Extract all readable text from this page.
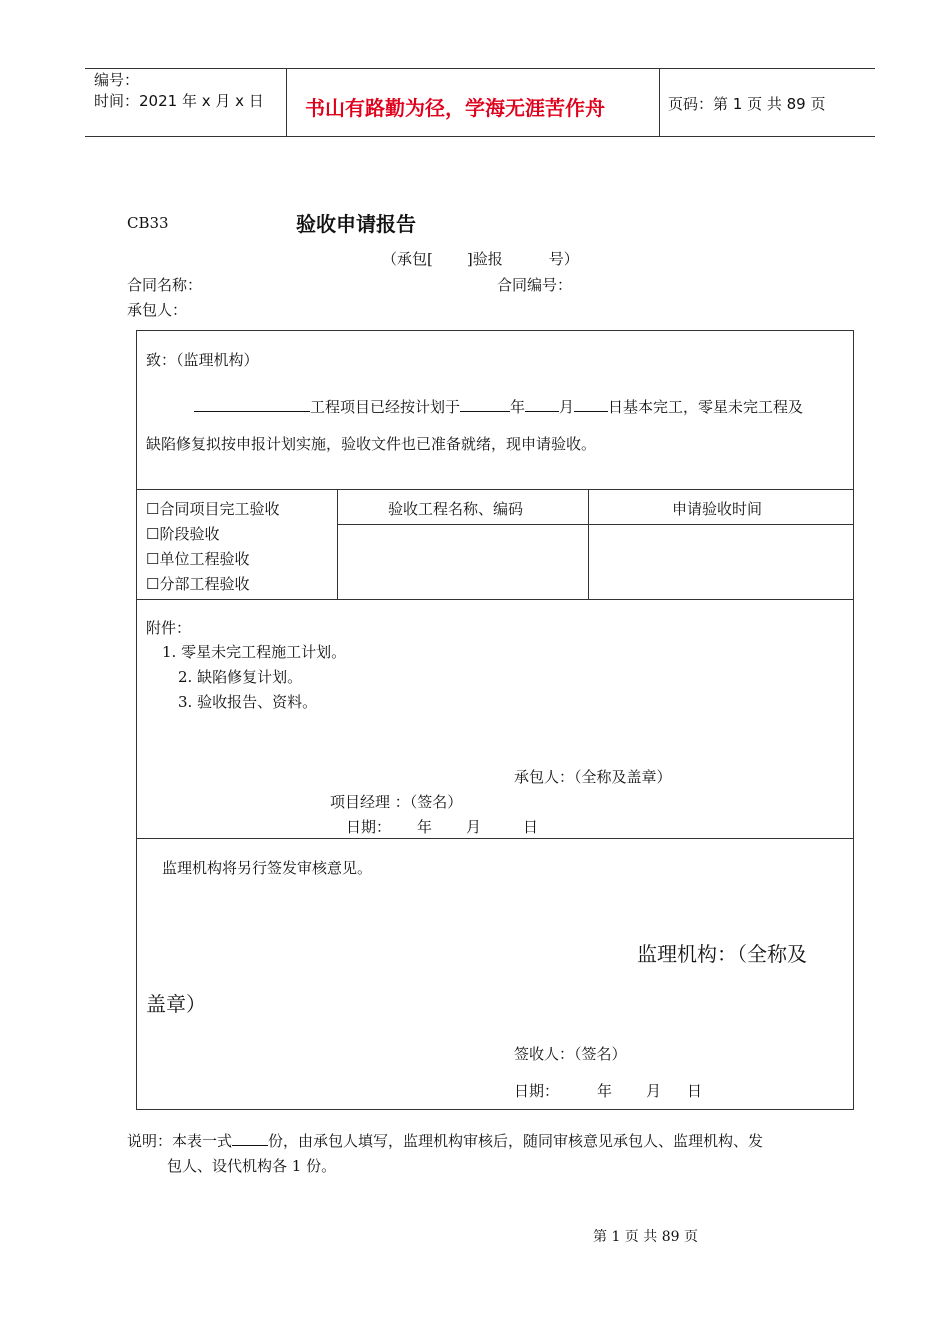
编号：
时间：2021 年 x 月 x 日 书山有路勤为径，学海无涯苦作舟	页码：第 1 页 共 89 页
CB33	验收申请报告
（承包[ ]验报	号）
合同名称：	合同编号：
承包人：
致：（监理机构）
工程项目已经按计划于	年 月 日基本完工，零星未完工程及
缺陷修复拟按申报计划实施，验收文件也已准备就绪，现申请验收。
☐合同项目完工验收
☐阶段验收
☐单位工程验收
☐分部工程验收
验收工程名称、编码	申请验收时间
附件：
1. 零星未完工程施工计划。
2. 缺陷修复计划。
3. 验收报告、资料。
承包人：（全称及盖章）
项目经理 ：（签名）
日期： 年 月	日
监理机构将另行签发审核意见。
监理机构：（全称及
盖章）
签收人：（签名）
日期：	年 月 日
说明：本表一式 份，由承包人填写，监理机构审核后，随同审核意见承包人、监理机构、发
包人、设代机构各 1 份。
第 1 页 共 89 页
